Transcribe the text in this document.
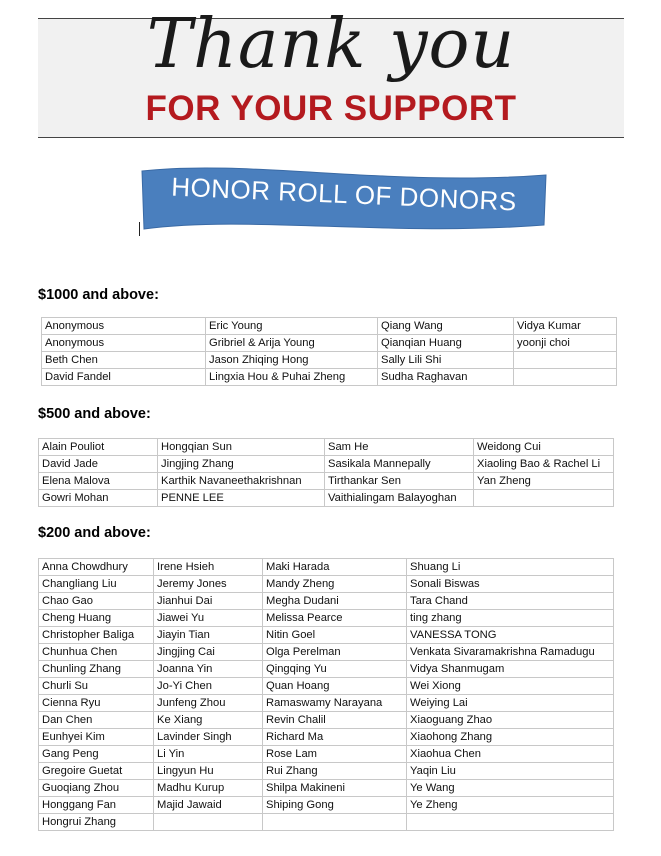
Thank you
FOR YOUR SUPPORT
HONOR ROLL OF DONORS
$1000 and above:
Anonymous	Eric Young	Qiang Wang	Vidya Kumar
Anonymous	Gribriel & Arija Young	Qianqian Huang	yoonji choi
Beth Chen	Jason Zhiqing Hong	Sally Lili Shi	
David Fandel	Lingxia Hou & Puhai Zheng	Sudha Raghavan	
$500 and above:
Alain Pouliot	Hongqian Sun	Sam He	Weidong Cui
David Jade	Jingjing Zhang	Sasikala Mannepally	Xiaoling Bao & Rachel Li
Elena Malova	Karthik Navaneethakrishnan	Tirthankar Sen	Yan Zheng
Gowri Mohan	PENNE LEE	Vaithialingam Balayoghan	
$200 and above:
Anna Chowdhury	Irene Hsieh	Maki Harada	Shuang Li
Changliang Liu	Jeremy Jones	Mandy Zheng	Sonali Biswas
Chao Gao	Jianhui Dai	Megha Dudani	Tara Chand
Cheng Huang	Jiawei Yu	Melissa Pearce	ting zhang
Christopher Baliga	Jiayin Tian	Nitin Goel	VANESSA TONG
Chunhua Chen	Jingjing Cai	Olga Perelman	Venkata Sivaramakrishna Ramadugu
Chunling Zhang	Joanna Yin	Qingqing Yu	Vidya Shanmugam
Churli Su	Jo-Yi Chen	Quan Hoang	Wei Xiong
Cienna Ryu	Junfeng Zhou	Ramaswamy Narayana	Weiying Lai
Dan Chen	Ke Xiang	Revin Chalil	Xiaoguang Zhao
Eunhyei Kim	Lavinder Singh	Richard Ma	Xiaohong Zhang
Gang Peng	Li Yin	Rose Lam	Xiaohua Chen
Gregoire Guetat	Lingyun Hu	Rui Zhang	Yaqin Liu
Guoqiang Zhou	Madhu Kurup	Shilpa Makineni	Ye Wang
Honggang Fan	Majid Jawaid	Shiping Gong	Ye Zheng
Hongrui Zhang			
